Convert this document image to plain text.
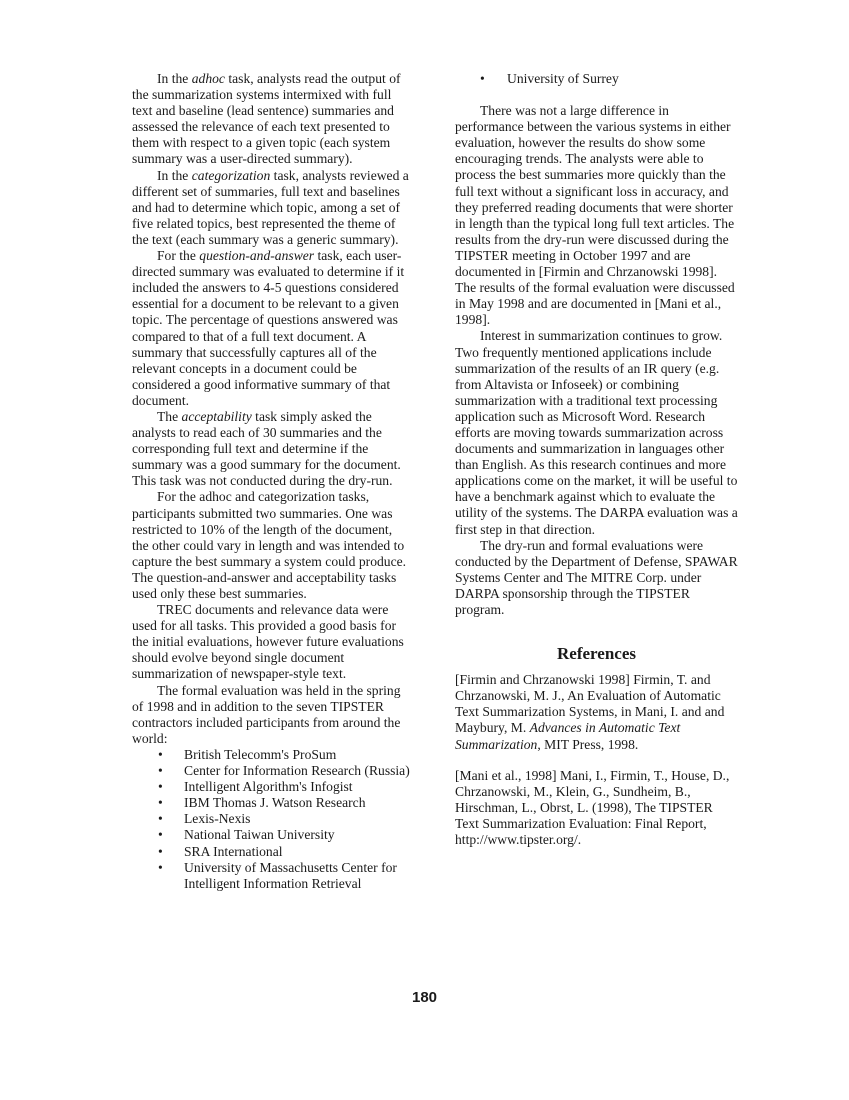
In the adhoc task, analysts read the output of the summarization systems intermixed with full text and baseline (lead sentence) summaries and assessed the relevance of each text presented to them with respect to a given topic (each system summary was a user-directed summary).

In the categorization task, analysts reviewed a different set of summaries, full text and baselines and had to determine which topic, among a set of five related topics, best represented the theme of the text (each summary was a generic summary).

For the question-and-answer task, each user-directed summary was evaluated to determine if it included the answers to 4-5 questions considered essential for a document to be relevant to a given topic. The percentage of questions answered was compared to that of a full text document. A summary that successfully captures all of the relevant concepts in a document could be considered a good informative summary of that document.

The acceptability task simply asked the analysts to read each of 30 summaries and the corresponding full text and determine if the summary was a good summary for the document. This task was not conducted during the dry-run.

For the adhoc and categorization tasks, participants submitted two summaries. One was restricted to 10% of the length of the document, the other could vary in length and was intended to capture the best summary a system could produce. The question-and-answer and acceptability tasks used only these best summaries.

TREC documents and relevance data were used for all tasks. This provided a good basis for the initial evaluations, however future evaluations should evolve beyond single document summarization of newspaper-style text.

The formal evaluation was held in the spring of 1998 and in addition to the seven TIPSTER contractors included participants from around the world:

• British Telecomm's ProSum
• Center for Information Research (Russia)
• Intelligent Algorithm's Infogist
• IBM Thomas J. Watson Research
• Lexis-Nexis
• National Taiwan University
• SRA International
• University of Massachusetts Center for Intelligent Information Retrieval
• University of Surrey

There was not a large difference in performance between the various systems in either evaluation, however the results do show some encouraging trends. The analysts were able to process the best summaries more quickly than the full text without a significant loss in accuracy, and they preferred reading documents that were shorter in length than the typical long full text articles. The results from the dry-run were discussed during the TIPSTER meeting in October 1997 and are documented in [Firmin and Chrzanowski 1998]. The results of the formal evaluation were discussed in May 1998 and are documented in [Mani et al., 1998].

Interest in summarization continues to grow. Two frequently mentioned applications include summarization of the results of an IR query (e.g. from Altavista or Infoseek) or combining summarization with a traditional text processing application such as Microsoft Word. Research efforts are moving towards summarization across documents and summarization in languages other than English. As this research continues and more applications come on the market, it will be useful to have a benchmark against which to evaluate the utility of the systems. The DARPA evaluation was a first step in that direction.

The dry-run and formal evaluations were conducted by the Department of Defense, SPAWAR Systems Center and The MITRE Corp. under DARPA sponsorship through the TIPSTER program.

References

[Firmin and Chrzanowski 1998] Firmin, T. and Chrzanowski, M. J., An Evaluation of Automatic Text Summarization Systems, in Mani, I. and and Maybury, M. Advances in Automatic Text Summarization, MIT Press, 1998.

[Mani et al., 1998] Mani, I., Firmin, T., House, D., Chrzanowski, M., Klein, G., Sundheim, B., Hirschman, L., Obrst, L. (1998), The TIPSTER Text Summarization Evaluation: Final Report, http://www.tipster.org/.

180
